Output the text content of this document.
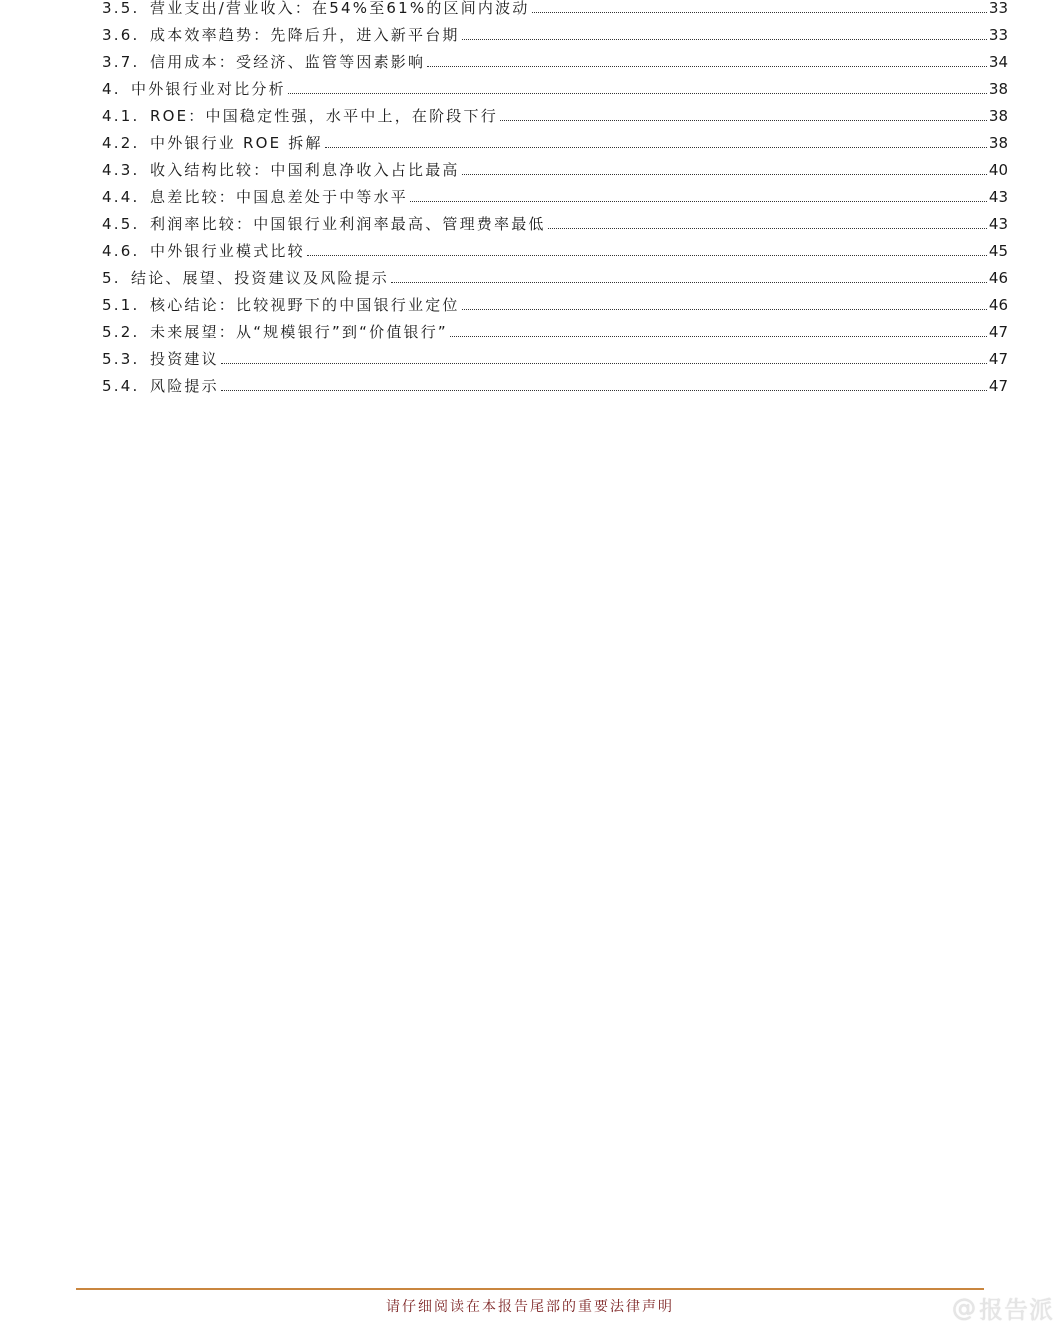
3.5. 营业支出/营业收入：在54%至61%的区间内波动	33
3.6. 成本效率趋势：先降后升，进入新平台期	33
3.7. 信用成本：受经济、监管等因素影响	34
4. 中外银行业对比分析	38
4.1. ROE：中国稳定性强，水平中上，在阶段下行	38
4.2. 中外银行业 ROE 拆解	38
4.3. 收入结构比较：中国利息净收入占比最高	40
4.4. 息差比较：中国息差处于中等水平	43
4.5. 利润率比较：中国银行业利润率最高、管理费率最低	43
4.6. 中外银行业模式比较	45
5. 结论、展望、投资建议及风险提示	46
5.1. 核心结论：比较视野下的中国银行业定位	46
5.2. 未来展望：从“规模银行”到“价值银行”	47
5.3. 投资建议	47
5.4. 风险提示	47
请仔细阅读在本报告尾部的重要法律声明	@ 报告派
